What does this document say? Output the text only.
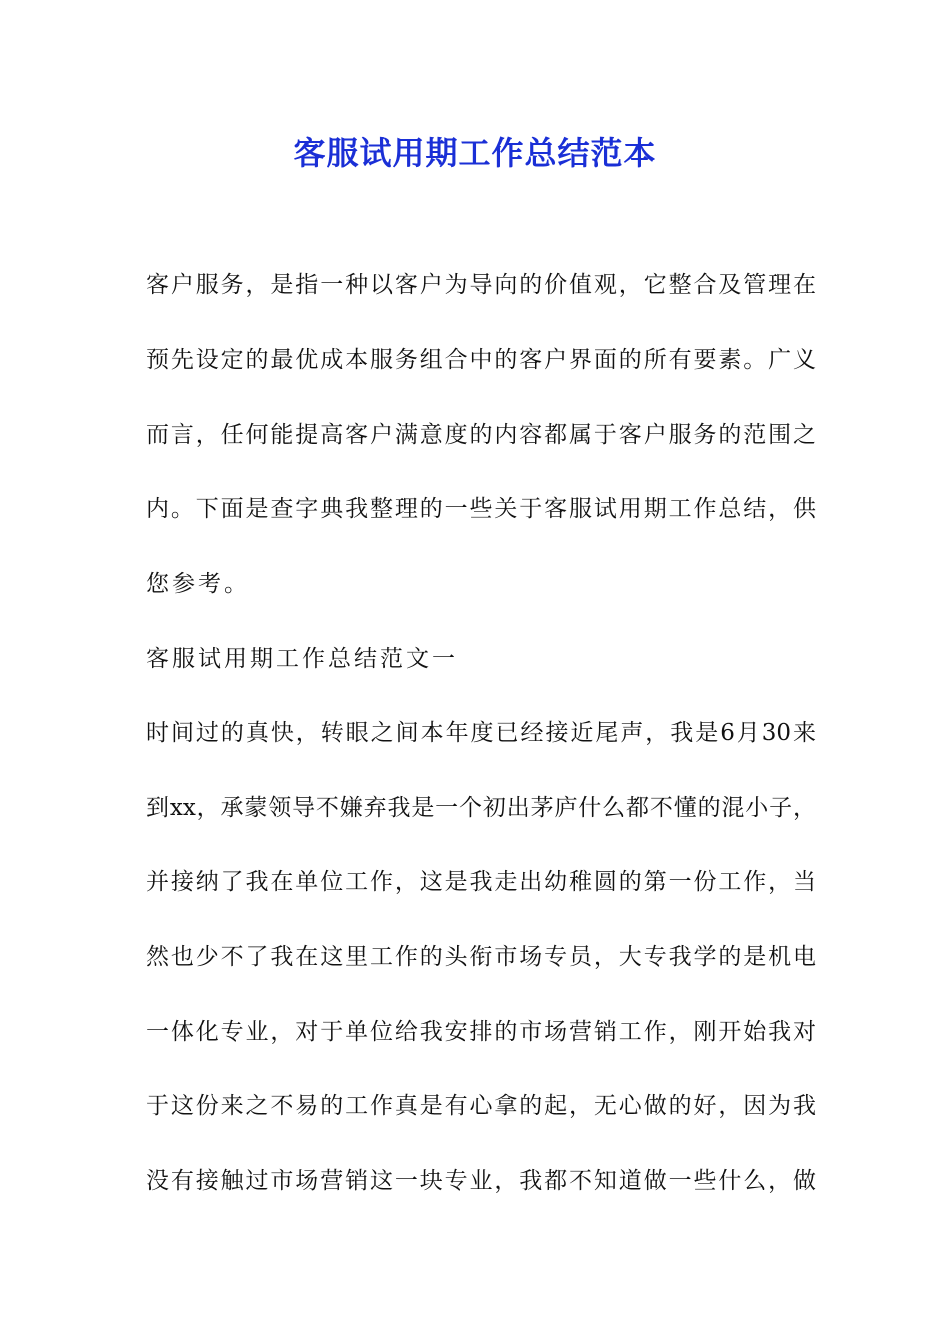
客服试用期工作总结范本

客户服务，是指一种以客户为导向的价值观，它整合及管理在

预先设定的最优成本服务组合中的客户界面的所有要素。广义

而言，任何能提高客户满意度的内容都属于客户服务的范围之

内。下面是查字典我整理的一些关于客服试用期工作总结，供

您参考。

客服试用期工作总结范文一

时间过的真快，转眼之间本年度已经接近尾声，我是6月30来

到xx，承蒙领导不嫌弃我是一个初出茅庐什么都不懂的混小子，

并接纳了我在单位工作，这是我走出幼稚圆的第一份工作，当

然也少不了我在这里工作的头衔市场专员，大专我学的是机电

一体化专业，对于单位给我安排的市场营销工作，刚开始我对

于这份来之不易的工作真是有心拿的起，无心做的好，因为我

没有接触过市场营销这一块专业，我都不知道做一些什么，做
